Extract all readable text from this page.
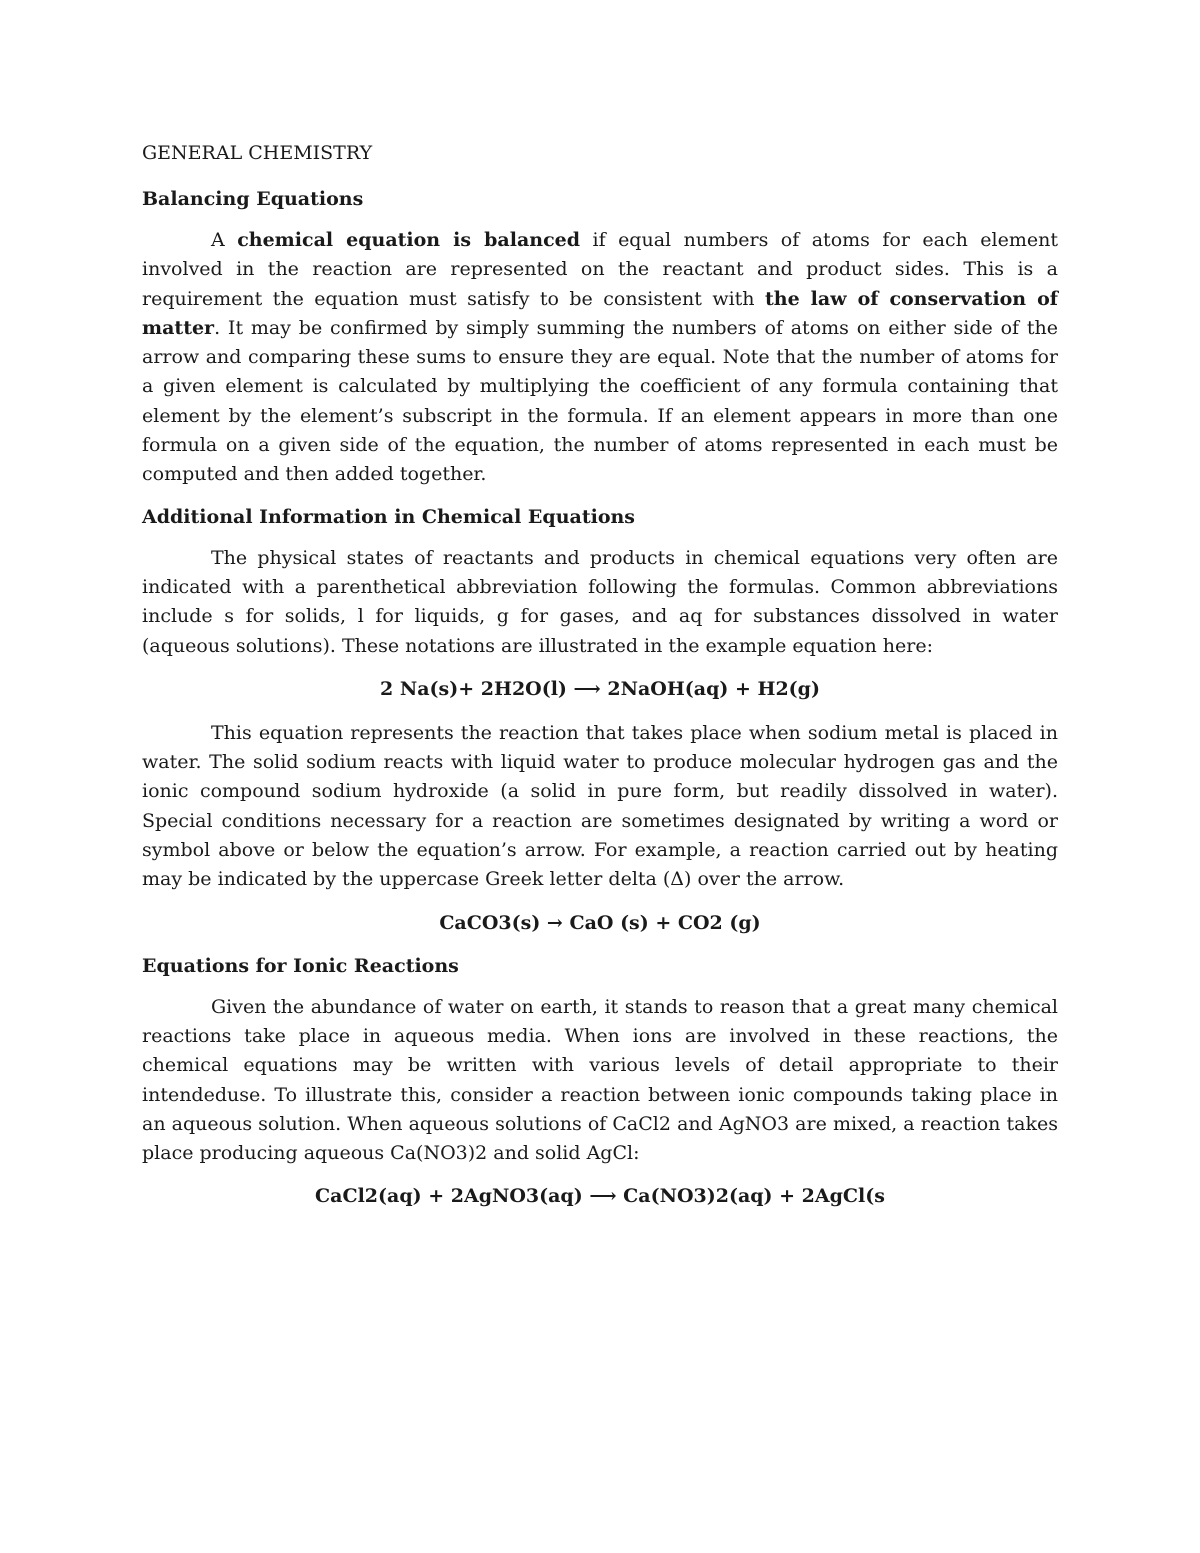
GENERAL CHEMISTRY
Balancing Equations

A chemical equation is balanced if equal numbers of atoms for each element involved in the reaction are represented on the reactant and product sides. This is a requirement the equation must satisfy to be consistent with the law of conservation of matter. It may be confirmed by simply summing the numbers of atoms on either side of the arrow and comparing these sums to ensure they are equal. Note that the number of atoms for a given element is calculated by multiplying the coefficient of any formula containing that element by the element’s subscript in the formula. If an element appears in more than one formula on a given side of the equation, the number of atoms represented in each must be computed and then added together.

Additional Information in Chemical Equations

The physical states of reactants and products in chemical equations very often are indicated with a parenthetical abbreviation following the formulas. Common abbreviations include s for solids, l for liquids, g for gases, and aq for substances dissolved in water (aqueous solutions). These notations are illustrated in the example equation here:

2 Na(s)+ 2H2O(l) ⟶ 2NaOH(aq) + H2(g)

This equation represents the reaction that takes place when sodium metal is placed in water. The solid sodium reacts with liquid water to produce molecular hydrogen gas and the ionic compound sodium hydroxide (a solid in pure form, but readily dissolved in water). Special conditions necessary for a reaction are sometimes designated by writing a word or symbol above or below the equation’s arrow. For example, a reaction carried out by heating may be indicated by the uppercase Greek letter delta (Δ) over the arrow.

CaCO3(s) → CaO (s) + CO2 (g)
Equations for Ionic Reactions

Given the abundance of water on earth, it stands to reason that a great many chemical reactions take place in aqueous media. When ions are involved in these reactions, the chemical equations may be written with various levels of detail appropriate to their intendeduse. To illustrate this, consider a reaction between ionic compounds taking place in an aqueous solution. When aqueous solutions of CaCl2 and AgNO3 are mixed, a reaction takes place producing aqueous Ca(NO3)2 and solid AgCl:

CaCl2(aq) + 2AgNO3(aq) ⟶ Ca(NO3)2(aq) + 2AgCl(s
